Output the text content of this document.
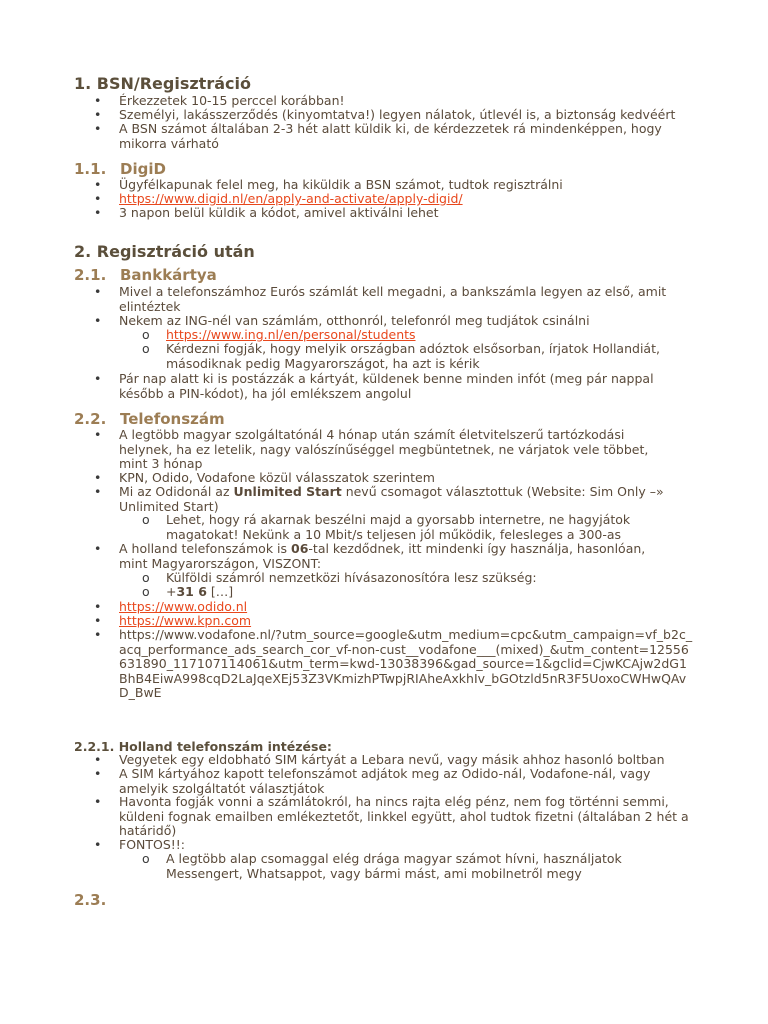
1. BSN/Regisztráció
• Érkezzetek 10-15 perccel korábban!
• Személyi, lakásszerződés (kinyomtatva!) legyen nálatok, útlevél is, a biztonság kedvéért
• A BSN számot általában 2-3 hét alatt küldik ki, de kérdezzetek rá mindenképpen, hogy mikorra várható
1.1. DigiD
• Ügyfélkapunak felel meg, ha kiküldik a BSN számot, tudtok regisztrálni
• https://www.digid.nl/en/apply-and-activate/apply-digid/
• 3 napon belül küldik a kódot, amivel aktiválni lehet
2. Regisztráció után
2.1. Bankkártya
• Mivel a telefonszámhoz Eurós számlát kell megadni, a bankszámla legyen az első, amit elintéztek
• Nekem az ING-nél van számlám, otthonról, telefonról meg tudjátok csinálni
o https://www.ing.nl/en/personal/students
o Kérdezni fogják, hogy melyik országban adóztok elsősorban, írjatok Hollandiát, másodiknak pedig Magyarországot, ha azt is kérik
• Pár nap alatt ki is postázzák a kártyát, küldenek benne minden infót (meg pár nappal később a PIN-kódot), ha jól emlékszem angolul
2.2. Telefonszám
• A legtöbb magyar szolgáltatónál 4 hónap után számít életvitelszerű tartózkodási helynek, ha ez letelik, nagy valószínűséggel megbüntetnek, ne várjatok vele többet, mint 3 hónap
• KPN, Odido, Vodafone közül válasszatok szerintem
• Mi az Odidonál az Unlimited Start nevű csomagot választottuk (Website: Sim Only –» Unlimited Start)
o Lehet, hogy rá akarnak beszélni majd a gyorsabb internetre, ne hagyjátok magatokat! Nekünk a 10 Mbit/s teljesen jól működik, felesleges a 300-as
• A holland telefonszámok is 06-tal kezdődnek, itt mindenki így használja, hasonlóan, mint Magyarországon, VISZONT:
o Külföldi számról nemzetközi hívásazonosítóra lesz szükség:
o +31 6 […]
• https://www.odido.nl
• https://www.kpn.com
• https://www.vodafone.nl/?utm_source=google&utm_medium=cpc&utm_campaign=vf_b2c_acq_performance_ads_search_cor_vf-non-cust__vodafone___(mixed)_&utm_content=12556631890_117107114061&utm_term=kwd-13038396&gad_source=1&gclid=CjwKCAjw2dG1BhB4EiwA998cqD2LaJqeXEj53Z3VKmizhPTwpjRIAheAxkhIv_bGOtzld5nR3F5UoxoCWHwQAvD_BwE
2.2.1. Holland telefonszám intézése:
• Vegyetek egy eldobható SIM kártyát a Lebara nevű, vagy másik ahhoz hasonló boltban
• A SIM kártyához kapott telefonszámot adjátok meg az Odido-nál, Vodafone-nál, vagy amelyik szolgáltatót választjátok
• Havonta fogják vonni a számlátokról, ha nincs rajta elég pénz, nem fog történni semmi, küldeni fognak emailben emlékeztetőt, linkkel együtt, ahol tudtok fizetni (általában 2 hét a határidő)
• FONTOS!!:
o A legtöbb alap csomaggal elég drága magyar számot hívni, használjatok Messengert, Whatsappot, vagy bármi mást, ami mobilnetről megy
2.3.
